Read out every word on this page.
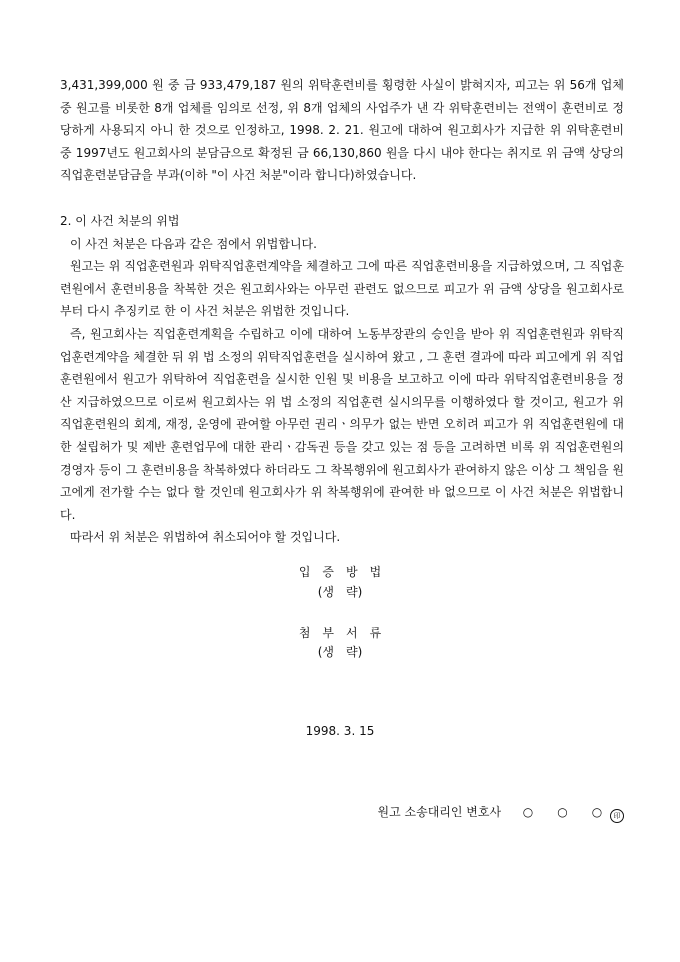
3,431,399,000 원 중 금 933,479,187 원의 위탁훈련비를 횡령한 사실이 밝혀지자, 피고는 위 56개 업체 중 원고를 비롯한 8개 업체를 임의로 선정, 위 8개 업체의 사업주가 낸 각 위탁훈련비는 전액이 훈련비로 정당하게 사용되지 아니 한 것으로 인정하고, 1998. 2. 21. 원고에 대하여 원고회사가 지급한 위 위탁훈련비 중 1997년도 원고회사의 분담금으로 확정된 금 66,130,860 원을 다시 내야 한다는 취지로 위 금액 상당의 직업훈련분담금을 부과(이하 "이 사건 처분"이라 합니다)하였습니다.

2. 이 사건 처분의 위법

이 사건 처분은 다음과 같은 점에서 위법합니다.

원고는 위 직업훈련원과 위탁직업훈련계약을 체결하고 그에 따른 직업훈련비용을 지급하였으며, 그 직업훈련원에서 훈련비용을 착복한 것은 원고회사와는 아무런 관련도 없으므로 피고가 위 금액 상당을 원고회사로부터 다시 추징키로 한 이 사건 처분은 위법한 것입니다.

즉, 원고회사는 직업훈련계획을 수립하고 이에 대하여 노동부장관의 승인을 받아 위 직업훈련원과 위탁직업훈련계약을 체결한 뒤 위 법 소정의 위탁직업훈련을 실시하여 왔고 , 그 훈련 결과에 따라 피고에게 위 직업훈련원에서 원고가 위탁하여 직업훈련을 실시한 인원 및 비용을 보고하고 이에 따라 위탁직업훈련비용을 정산 지급하였으므로 이로써 원고회사는 위 법 소정의 직업훈련 실시의무를 이행하였다 할 것이고, 원고가 위 직업훈련원의 회계, 재정, 운영에 관여할 아무런 권리ㆍ의무가 없는 반면 오히려 피고가 위 직업훈련원에 대한 설립허가 및 제반 훈련업무에 대한 관리ㆍ감독권 등을 갖고 있는 점 등을 고려하면 비록 위 직업훈련원의 경영자 등이 그 훈련비용을 착복하였다 하더라도 그 착복행위에 원고회사가 관여하지 않은 이상 그 책임을 원고에게 전가할 수는 없다 할 것인데 원고회사가 위 착복행위에 관여한 바 없으므로 이 사건 처분은 위법합니다.

따라서 위 처분은 위법하여 취소되어야 할 것입니다.

입　증　방　법
(생　략)
첨　부　서　류
(생　략)
1998. 3. 15
원고 소송대리인 변호사 ○　　○　　○ 印
